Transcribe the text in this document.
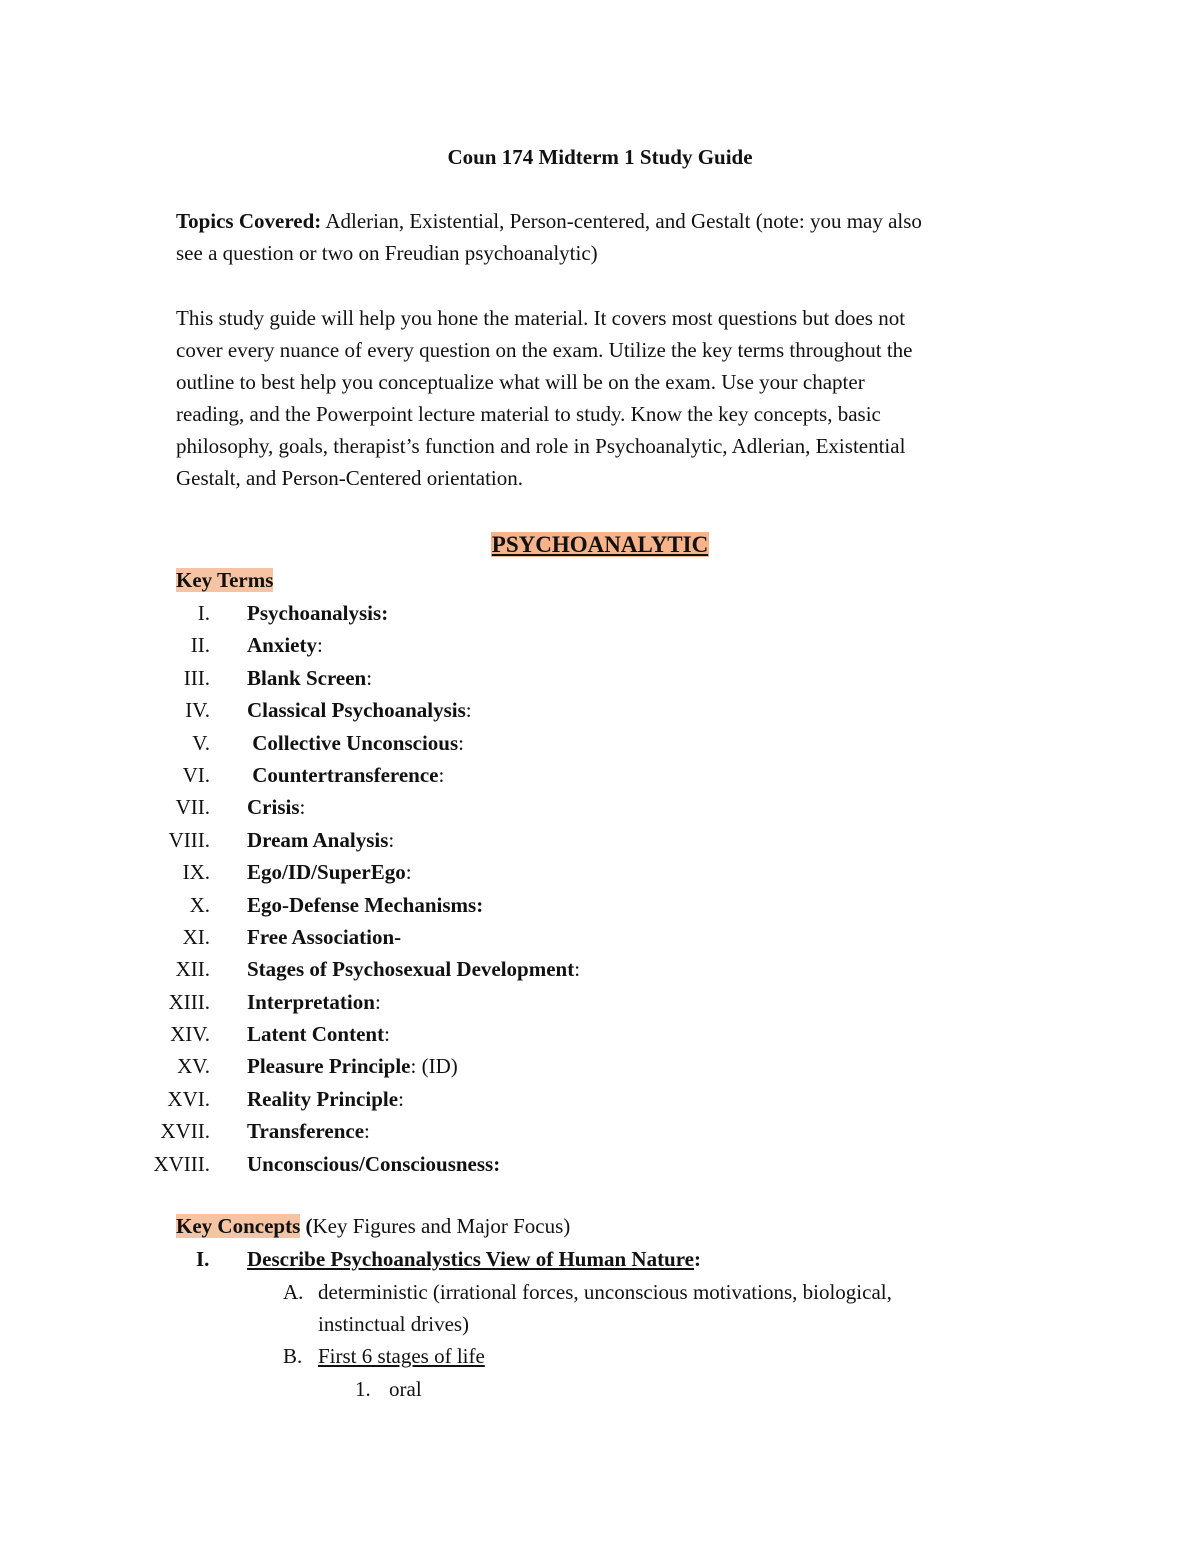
Coun 174 Midterm 1 Study Guide
Topics Covered: Adlerian, Existential, Person-centered, and Gestalt (note: you may also
see a question or two on Freudian psychoanalytic)
This study guide will help you hone the material. It covers most questions but does not
cover every nuance of every question on the exam. Utilize the key terms throughout the
outline to best help you conceptualize what will be on the exam. Use your chapter
reading, and the Powerpoint lecture material to study. Know the key concepts, basic
philosophy, goals, therapist’s function and role in Psychoanalytic, Adlerian, Existential
Gestalt, and Person-Centered orientation.
PSYCHOANALYTIC
Key Terms
I. Psychoanalysis:
II. Anxiety:
III. Blank Screen:
IV. Classical Psychoanalysis:
V. Collective Unconscious:
VI. Countertransference:
VII. Crisis:
VIII. Dream Analysis:
IX. Ego/ID/SuperEgo:
X. Ego-Defense Mechanisms:
XI. Free Association-
XII. Stages of Psychosexual Development:
XIII. Interpretation:
XIV. Latent Content:
XV. Pleasure Principle: (ID)
XVI. Reality Principle:
XVII. Transference:
XVIII. Unconscious/Consciousness:
Key Concepts (Key Figures and Major Focus)
I. Describe Psychoanalystics View of Human Nature:
A. deterministic (irrational forces, unconscious motivations, biological,
instinctual drives)
B. First 6 stages of life
1. oral
